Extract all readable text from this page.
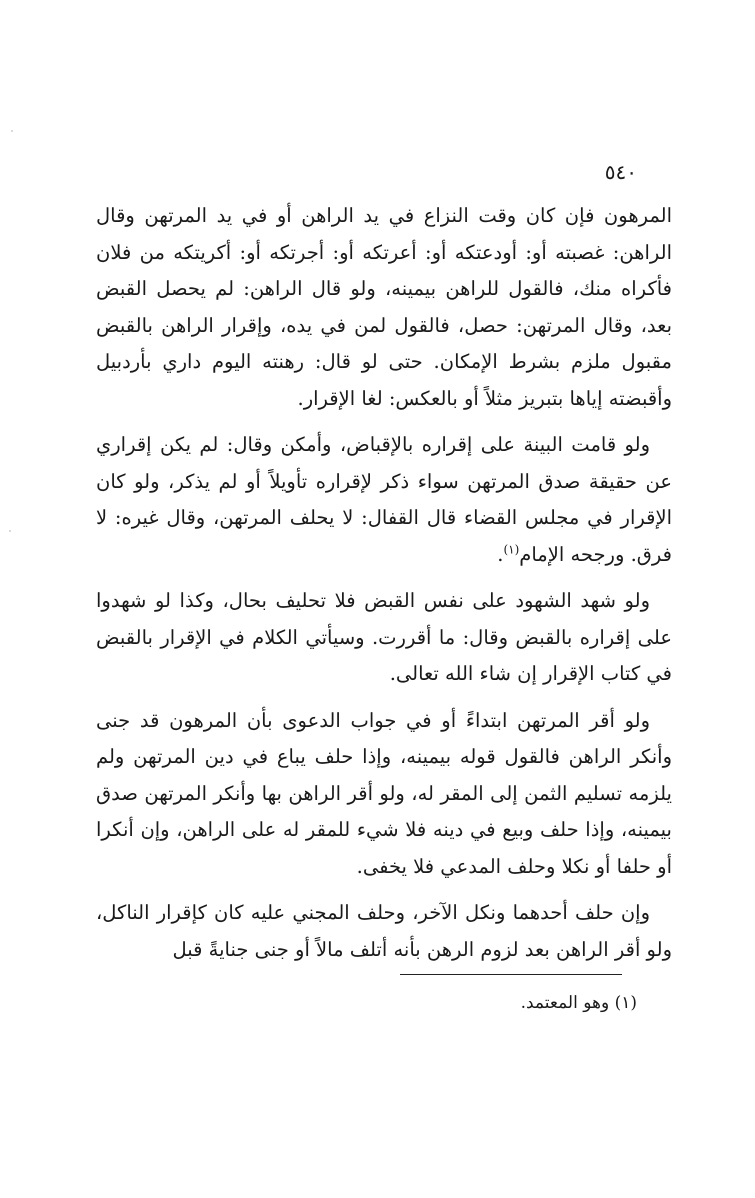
٥٤٠

المرهون فإن كان وقت النزاع في يد الراهن أو في يد المرتهن وقال الراهن: غصبته أو: أودعتكه أو: أعرتكه أو: أجرتكه أو: أكريتكه من فلان فأكراه منك، فالقول للراهن بيمينه، ولو قال الراهن: لم يحصل القبض بعد، وقال المرتهن: حصل، فالقول لمن في يده، وإقرار الراهن بالقبض مقبول ملزم بشرط الإمكان. حتى لو قال: رهنته اليوم داري بأردبيل وأقبضته إياها بتبريز مثلاً أو بالعكس: لغا الإقرار.

ولو قامت البينة على إقراره بالإقباض، وأمكن وقال: لم يكن إقراري عن حقيقة صدق المرتهن سواء ذكر لإقراره تأويلاً أو لم يذكر، ولو كان الإقرار في مجلس القضاء قال القفال: لا يحلف المرتهن، وقال غيره: لا فرق. ورجحه الإمام$^{(١)}$.

ولو شهد الشهود على نفس القبض فلا تحليف بحال، وكذا لو شهدوا على إقراره بالقبض وقال: ما أقررت. وسيأتي الكلام في الإقرار بالقبض في كتاب الإقرار إن شاء الله تعالى.

ولو أقر المرتهن ابتداءً أو في جواب الدعوى بأن المرهون قد جنى وأنكر الراهن فالقول قوله بيمينه، وإذا حلف يباع في دين المرتهن ولم يلزمه تسليم الثمن إلى المقر له، ولو أقر الراهن بها وأنكر المرتهن صدق بيمينه، وإذا حلف وبيع في دينه فلا شيء للمقر له على الراهن، وإن أنكرا أو حلفا أو نكلا وحلف المدعي فلا يخفى.

وإن حلف أحدهما ونكل الآخر، وحلف المجني عليه كان كإقرار الناكل، ولو أقر الراهن بعد لزوم الرهن بأنه أتلف مالاً أو جنى جنايةً قبل

(١) وهو المعتمد.
